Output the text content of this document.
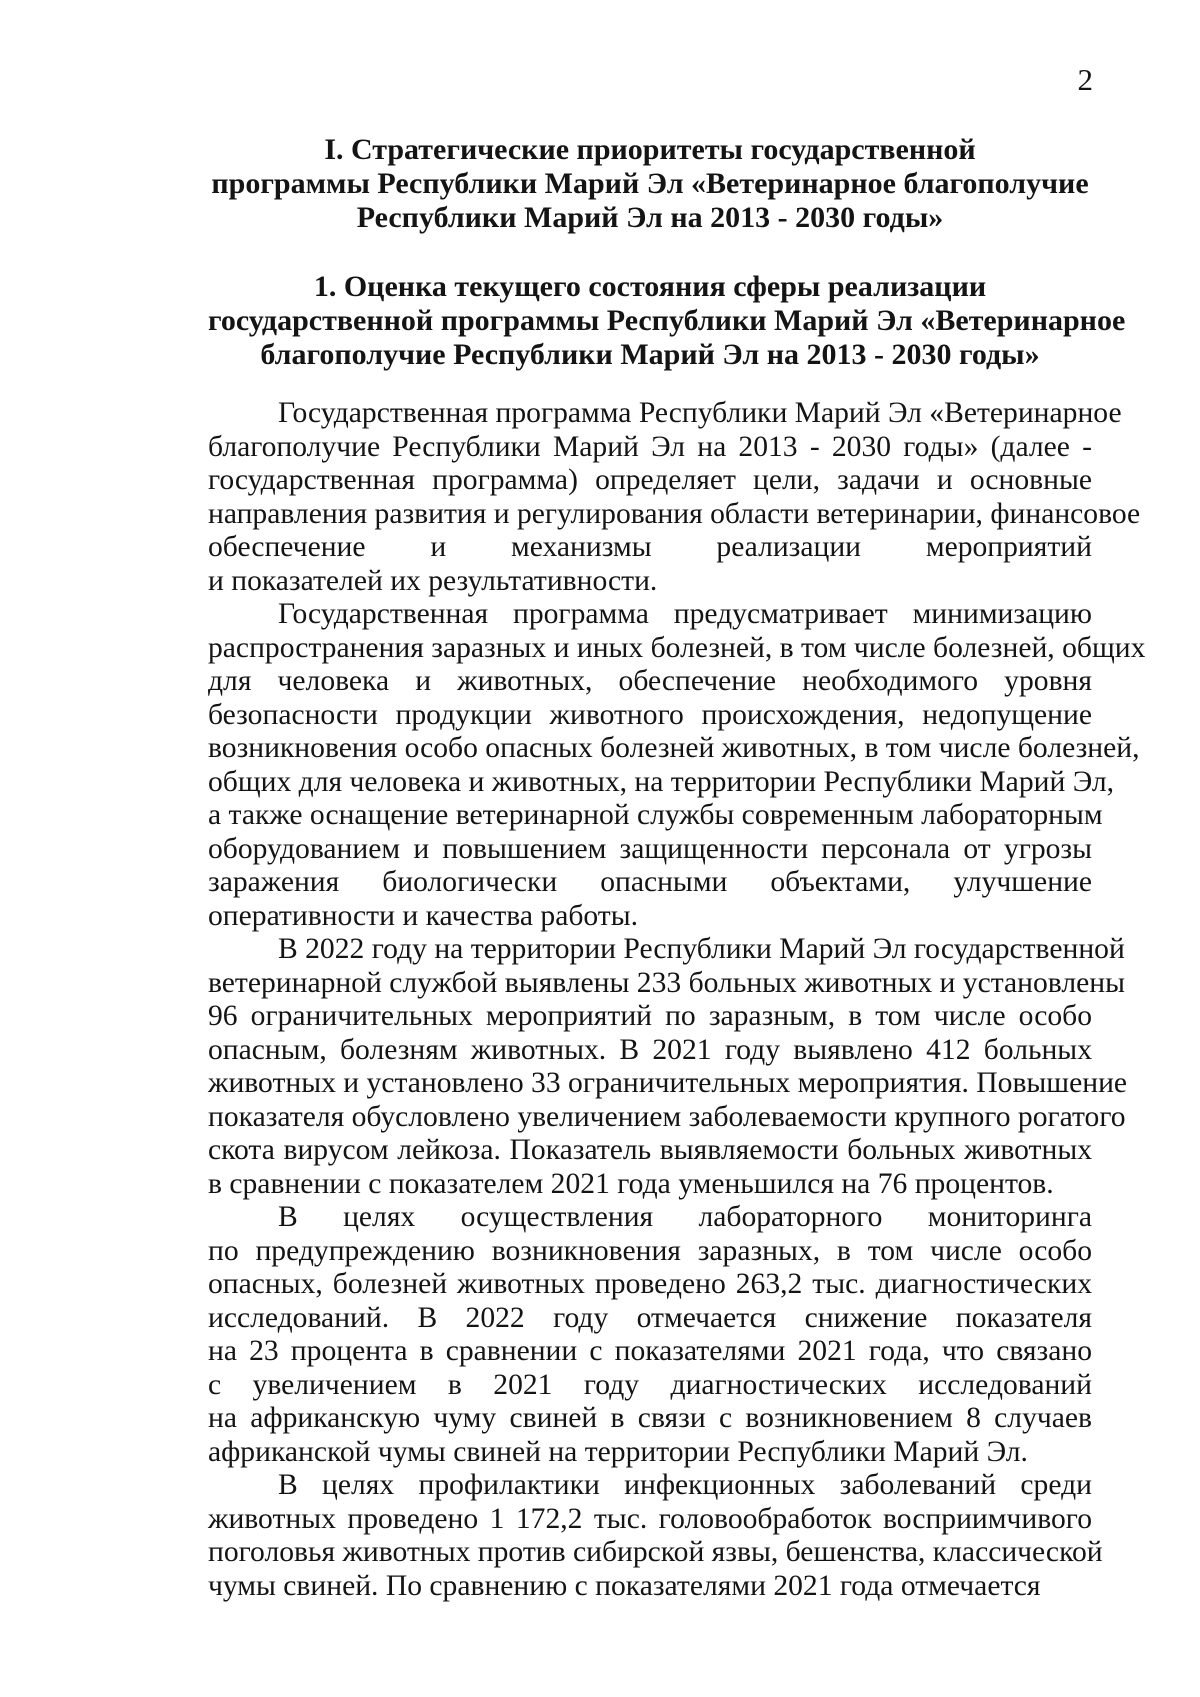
2
I. Стратегические приоритеты государственной
программы Республики Марий Эл «Ветеринарное благополучие
Республики Марий Эл на 2013 - 2030 годы»
1. Оценка текущего состояния сферы реализации
государственной программы Республики Марий Эл «Ветеринарное
благополучие Республики Марий Эл на 2013 - 2030 годы»
Государственная программа Республики Марий Эл «Ветеринарное
благополучие Республики Марий Эл на 2013 - 2030 годы» (далее -
государственная программа) определяет цели, задачи и основные
направления развития и регулирования области ветеринарии, финансовое
обеспечение и механизмы реализации мероприятий
и показателей их результативности.
Государственная программа предусматривает минимизацию
распространения заразных и иных болезней, в том числе болезней, общих
для человека и животных, обеспечение необходимого уровня
безопасности продукции животного происхождения, недопущение
возникновения особо опасных болезней животных, в том числе болезней,
общих для человека и животных, на территории Республики Марий Эл,
а также оснащение ветеринарной службы современным лабораторным
оборудованием и повышением защищенности персонала от угрозы
заражения биологически опасными объектами, улучшение
оперативности и качества работы.
В 2022 году на территории Республики Марий Эл государственной
ветеринарной службой выявлены 233 больных животных и установлены
96 ограничительных мероприятий по заразным, в том числе особо
опасным, болезням животных. В 2021 году выявлено 412 больных
животных и установлено 33 ограничительных мероприятия. Повышение
показателя обусловлено увеличением заболеваемости крупного рогатого
скота вирусом лейкоза. Показатель выявляемости больных животных
в сравнении с показателем 2021 года уменьшился на 76 процентов.
В целях осуществления лабораторного мониторинга
по предупреждению возникновения заразных, в том числе особо
опасных, болезней животных проведено 263,2 тыс. диагностических
исследований. В 2022 году отмечается снижение показателя
на 23 процента в сравнении с показателями 2021 года, что связано
с увеличением в 2021 году диагностических исследований
на африканскую чуму свиней в связи с возникновением 8 случаев
африканской чумы свиней на территории Республики Марий Эл.
В целях профилактики инфекционных заболеваний среди
животных проведено 1 172,2 тыс. головообработок восприимчивого
поголовья животных против сибирской язвы, бешенства, классической
чумы свиней. По сравнению с показателями 2021 года отмечается
